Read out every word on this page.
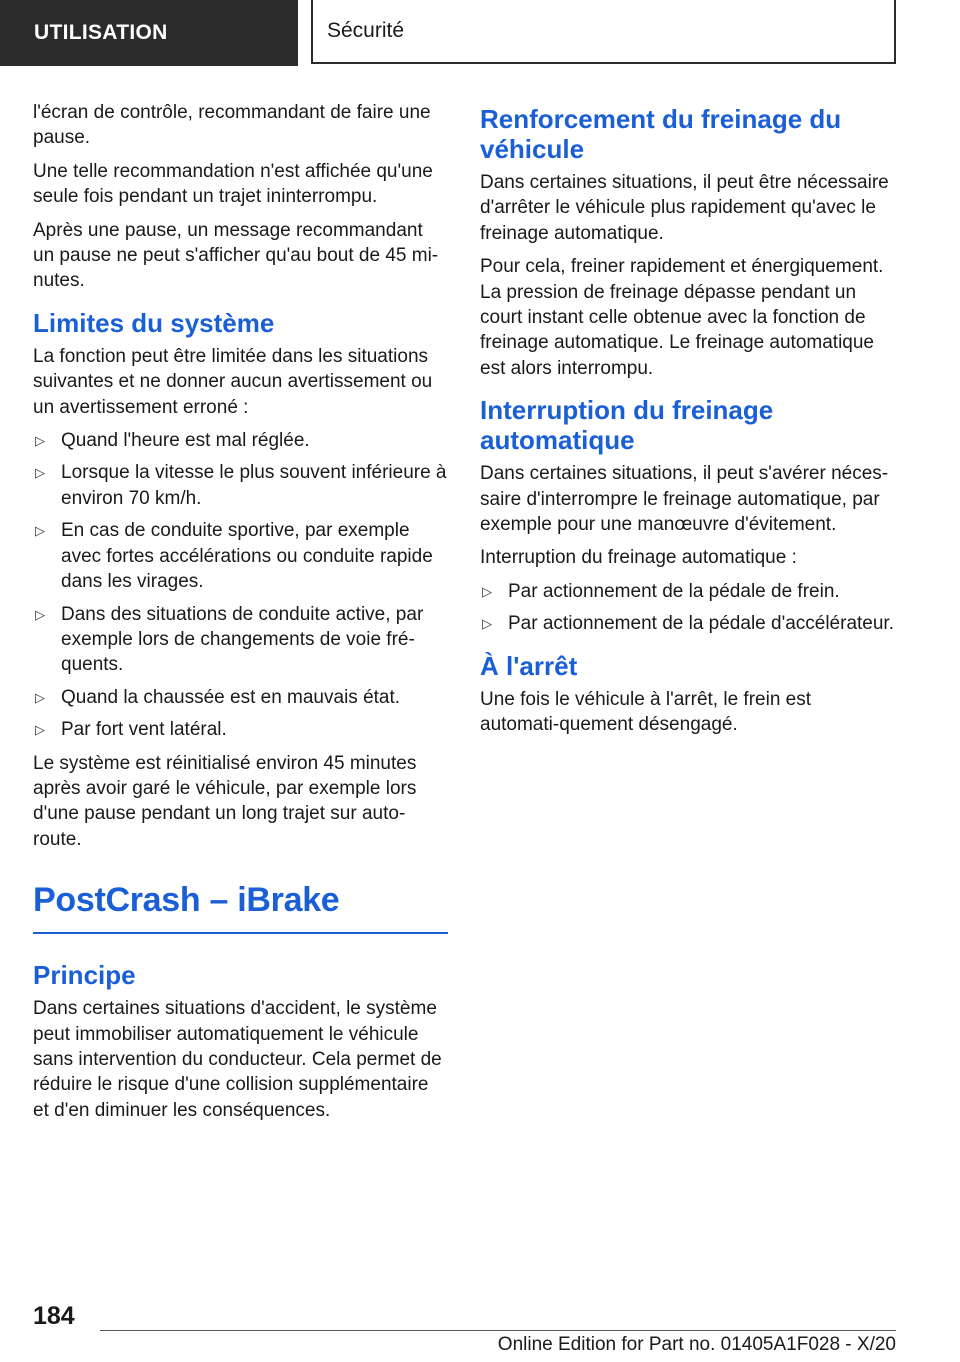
UTILISATION	Sécurité

l'écran de contrôle, recommandant de faire une pause.

Une telle recommandation n'est affichée qu'une seule fois pendant un trajet ininterrompu.

Après une pause, un message recommandant un pause ne peut s'afficher qu'au bout de 45 mi‐nutes.

Limites du système

La fonction peut être limitée dans les situations suivantes et ne donner aucun avertissement ou un avertissement erroné :

▷ Quand l'heure est mal réglée.
▷ Lorsque la vitesse le plus souvent inférieure à environ 70 km/h.
▷ En cas de conduite sportive, par exemple avec fortes accélérations ou conduite rapide dans les virages.
▷ Dans des situations de conduite active, par exemple lors de changements de voie fré‐quents.
▷ Quand la chaussée est en mauvais état.
▷ Par fort vent latéral.

Le système est réinitialisé environ 45 minutes après avoir garé le véhicule, par exemple lors d'une pause pendant un long trajet sur auto‐route.

PostCrash – iBrake
Principe

Dans certaines situations d'accident, le système peut immobiliser automatiquement le véhicule sans intervention du conducteur. Cela permet de réduire le risque d'une collision supplémentaire et d'en diminuer les conséquences.

Renforcement du freinage du véhicule

Dans certaines situations, il peut être nécessaire d'arrêter le véhicule plus rapidement qu'avec le freinage automatique.

Pour cela, freiner rapidement et énergiquement. La pression de freinage dépasse pendant un court instant celle obtenue avec la fonction de freinage automatique. Le freinage automatique est alors interrompu.

Interruption du freinage automatique

Dans certaines situations, il peut s'avérer néces‐saire d'interrompre le freinage automatique, par exemple pour une manœuvre d'évitement.

Interruption du freinage automatique :

▷ Par actionnement de la pédale de frein.
▷ Par actionnement de la pédale d'accélérateur.
À l'arrêt

Une fois le véhicule à l'arrêt, le frein est automati‐quement désengagé.

184
Online Edition for Part no. 01405A1F028 - X/20
